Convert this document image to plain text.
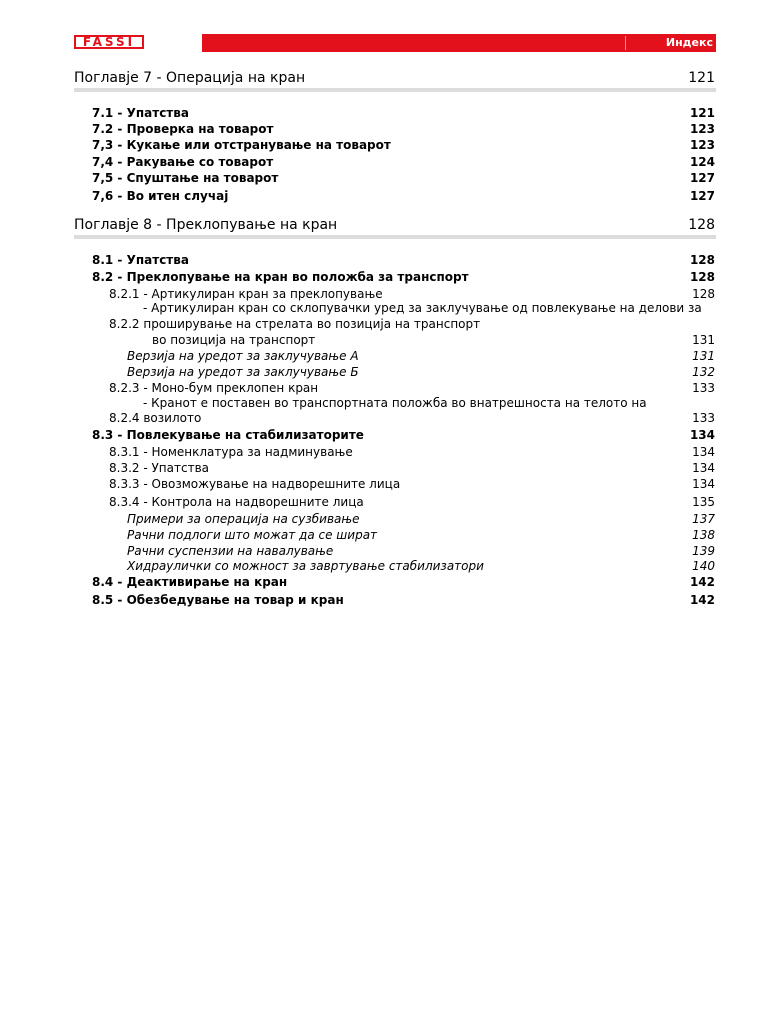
FASSI	Индекс
Поглавје 7 - Операција на кран	121
7.1 - Упатства	121
7.2 - Проверка на товарот	123
7,3 - Кукање или отстранување на товарот	123
7,4 - Ракување со товарот	124
7,5 - Спуштање на товарот	127
7,6 - Во итен случај	127
Поглавје 8 - Преклопување на кран	128
8.1 - Упатства	128
8.2 - Преклопување на кран во положба за транспорт	128
8.2.1 - Артикулиран кран за преклопување	128
- Артикулиран кран со склопувачки уред за заклучување од повлекување на делови за
8.2.2 проширување на стрелата во позиција на транспорт
во позиција на транспорт	131
Верзија на уредот за заклучување А	131
Верзија на уредот за заклучување Б	132
8.2.3 - Моно-бум преклопен кран	133
- Кранот е поставен во транспортната положба во внатрешноста на телото на
8.2.4 возилото	133
8.3 - Повлекување на стабилизаторите	134
8.3.1 - Номенклатура за надминување	134
8.3.2 - Упатства	134
8.3.3 - Овозможување на надворешните лица	134
8.3.4 - Контрола на надворешните лица	135
Примери за операција на сузбивање	137
Рачни подлоги што можат да се шират	138
Рачни суспензии на навалување	139
Хидраулички со можност за завртување стабилизатори	140
8.4 - Деактивирање на кран	142
8.5 - Обезбедување на товар и кран	142
